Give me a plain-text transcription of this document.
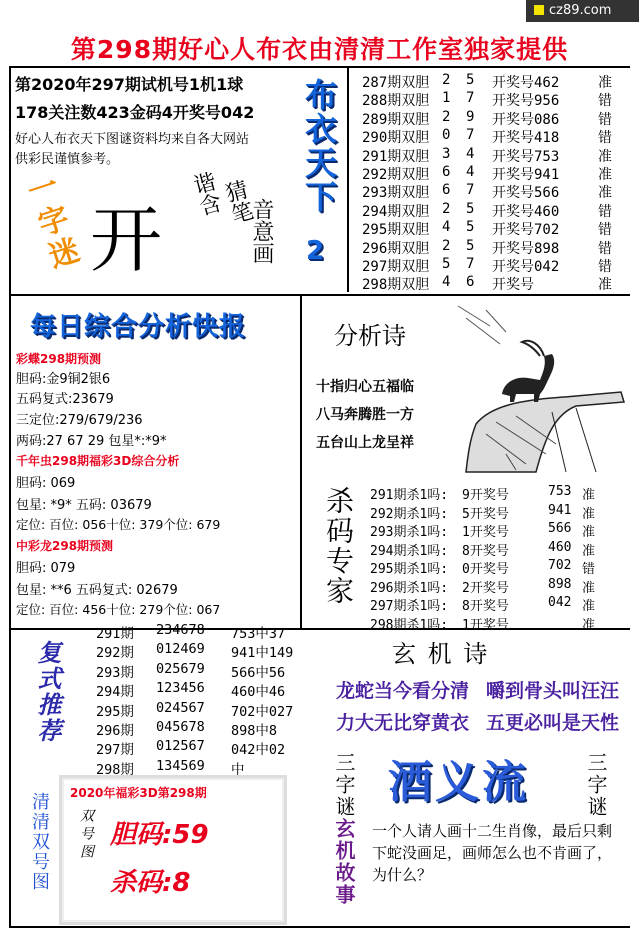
cz89.com
第298期好心人布衣由清清工作室独家提供
第2020年297期试机号1机1球
178关注数423金码4开奖号042
好心人布衣天下图谜资料均来自各大网站
供彩民谨慎参考。
一字迷 开
谐含
猜笔
音意画
布衣天下
2
287期双胆 2 5 开奖号462	准
288期双胆 1 7 开奖号956	错
289期双胆 2 9 开奖号086	错
290期双胆 0 7 开奖号418	错
291期双胆 3 4 开奖号753	准
292期双胆 6 4 开奖号941	准
293期双胆 6 7 开奖号566	准
294期双胆 2 5 开奖号460	错
295期双胆 4 5 开奖号702	错
296期双胆 2 5 开奖号898	错
297期双胆 5 7 开奖号042	错
298期双胆 4 6 开奖号	准
每日综合分析快报
彩蝶298期预测
胆码:金9铜2银6
五码复式:23679
三定位:279/679/236
两码:27 67 29 包星*:*9*
千年虫298期福彩3D综合分析
胆码: 069
包星: *9* 五码: 03679
定位: 百位: 056十位: 379个位: 679
中彩龙298期预测
胆码: 079
包星: **6 五码复式: 02679
定位: 百位: 456十位: 279个位: 067
分析诗
十指归心五福临
八马奔腾胜一方
五台山上龙呈祥
杀码专家 291期杀1吗: 9开奖号	753 准
292期杀1吗: 5开奖号	941 准
293期杀1吗: 1开奖号	566 准
294期杀1吗: 8开奖号	460 准
295期杀1吗: 0开奖号	702 错
296期杀1吗: 2开奖号	898 准
297期杀1吗: 8开奖号	042 准
298期杀1吗: 1开奖号	准
复式推荐
291期 234678 753中37
292期 012469 941中149
293期 025679 566中56
294期 123456 460中46
295期 024567 702中027
296期 045678 898中8
297期 012567 042中02
298期 134569 中
玄 机 诗
龙蛇当今看分清 嚼到骨头叫汪汪
力大无比穿黄衣 五更必叫是天性
清清双号图 2020年福彩3D第298期
双号图 胆码:59
杀码:8
三字谜	三字谜
酒义流
玄机故事 一个人请人画十二生肖像，最后只剩下蛇没画足，画师怎么也不肯画了，为什么？
